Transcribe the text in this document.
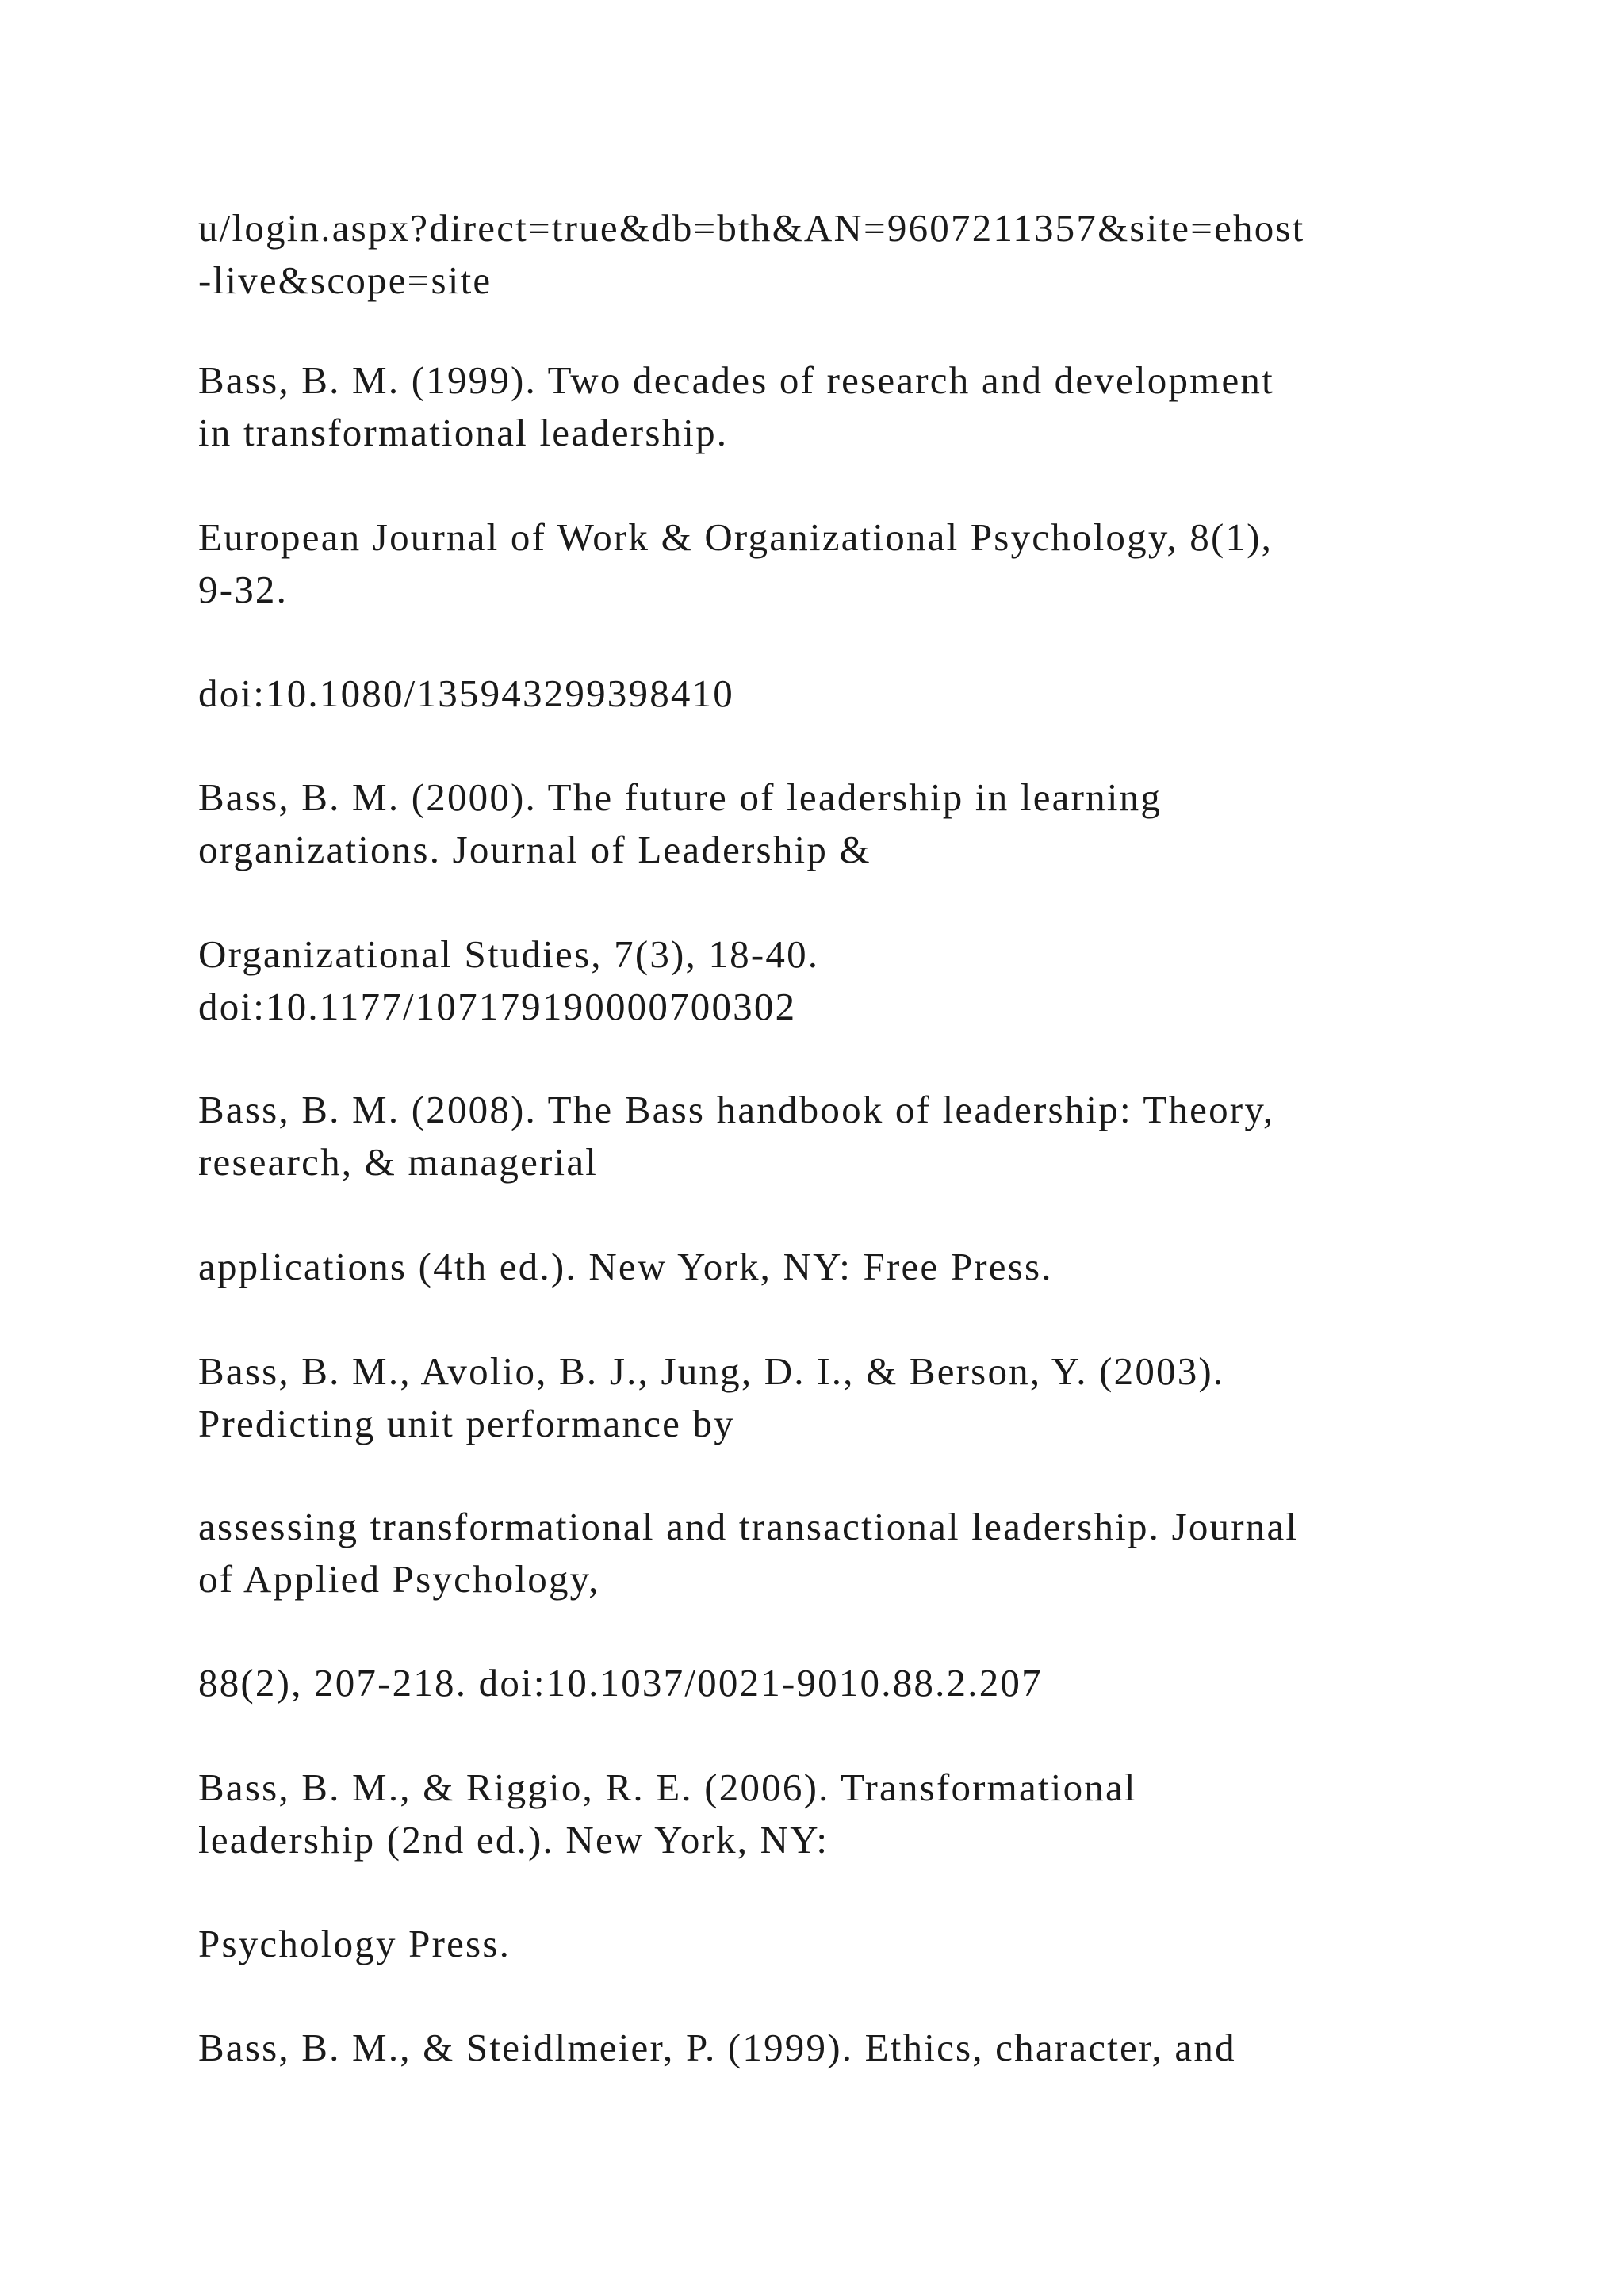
u/login.aspx?direct=true&db=bth&AN=9607211357&site=ehost
-live&scope=site

Bass, B. M. (1999). Two decades of research and development
in transformational leadership.

European Journal of Work & Organizational Psychology, 8(1),
9-32.

doi:10.1080/135943299398410

Bass, B. M. (2000). The future of leadership in learning
organizations. Journal of Leadership &

Organizational Studies, 7(3), 18-40.
doi:10.1177/107179190000700302

Bass, B. M. (2008). The Bass handbook of leadership: Theory,
research, & managerial

applications (4th ed.). New York, NY: Free Press.

Bass, B. M., Avolio, B. J., Jung, D. I., & Berson, Y. (2003).
Predicting unit performance by

assessing transformational and transactional leadership. Journal
of Applied Psychology,

88(2), 207-218. doi:10.1037/0021-9010.88.2.207

Bass, B. M., & Riggio, R. E. (2006). Transformational
leadership (2nd ed.). New York, NY:

Psychology Press.

Bass, B. M., & Steidlmeier, P. (1999). Ethics, character, and
